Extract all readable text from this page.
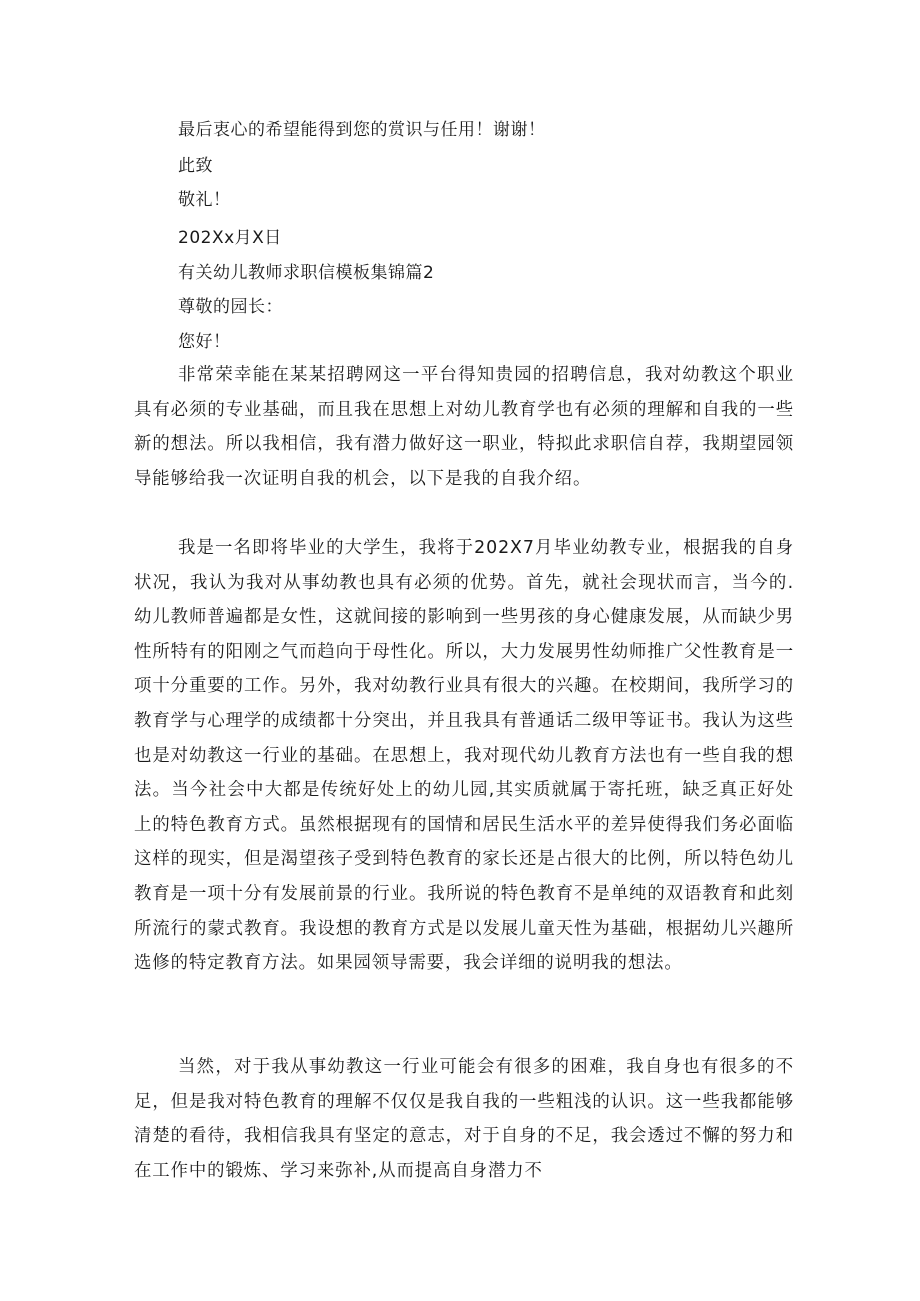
最后衷心的希望能得到您的赏识与任用！谢谢！
此致
敬礼！
202Xx月X日
有关幼儿教师求职信模板集锦篇2
尊敬的园长：
您好！

非常荣幸能在某某招聘网这一平台得知贵园的招聘信息，我对幼教这个职业具有必须的专业基础，而且我在思想上对幼儿教育学也有必须的理解和自我的一些新的想法。所以我相信，我有潜力做好这一职业，特拟此求职信自荐，我期望园领导能够给我一次证明自我的机会，以下是我的自我介绍。

我是一名即将毕业的大学生，我将于202X7月毕业幼教专业，根据我的自身状况，我认为我对从事幼教也具有必须的优势。首先，就社会现状而言，当今的.幼儿教师普遍都是女性，这就间接的影响到一些男孩的身心健康发展，从而缺少男性所特有的阳刚之气而趋向于母性化。所以，大力发展男性幼师推广父性教育是一项十分重要的工作。另外，我对幼教行业具有很大的兴趣。在校期间，我所学习的教育学与心理学的成绩都十分突出，并且我具有普通话二级甲等证书。我认为这些也是对幼教这一行业的基础。在思想上，我对现代幼儿教育方法也有一些自我的想法。当今社会中大都是传统好处上的幼儿园,其实质就属于寄托班，缺乏真正好处上的特色教育方式。虽然根据现有的国情和居民生活水平的差异使得我们务必面临这样的现实，但是渴望孩子受到特色教育的家长还是占很大的比例，所以特色幼儿教育是一项十分有发展前景的行业。我所说的特色教育不是单纯的双语教育和此刻所流行的蒙式教育。我设想的教育方式是以发展儿童天性为基础，根据幼儿兴趣所选修的特定教育方法。如果园领导需要，我会详细的说明我的想法。

当然，对于我从事幼教这一行业可能会有很多的困难，我自身也有很多的不足，但是我对特色教育的理解不仅仅是我自我的一些粗浅的认识。这一些我都能够清楚的看待，我相信我具有坚定的意志，对于自身的不足，我会透过不懈的努力和在工作中的锻炼、学习来弥补,从而提高自身潜力不
